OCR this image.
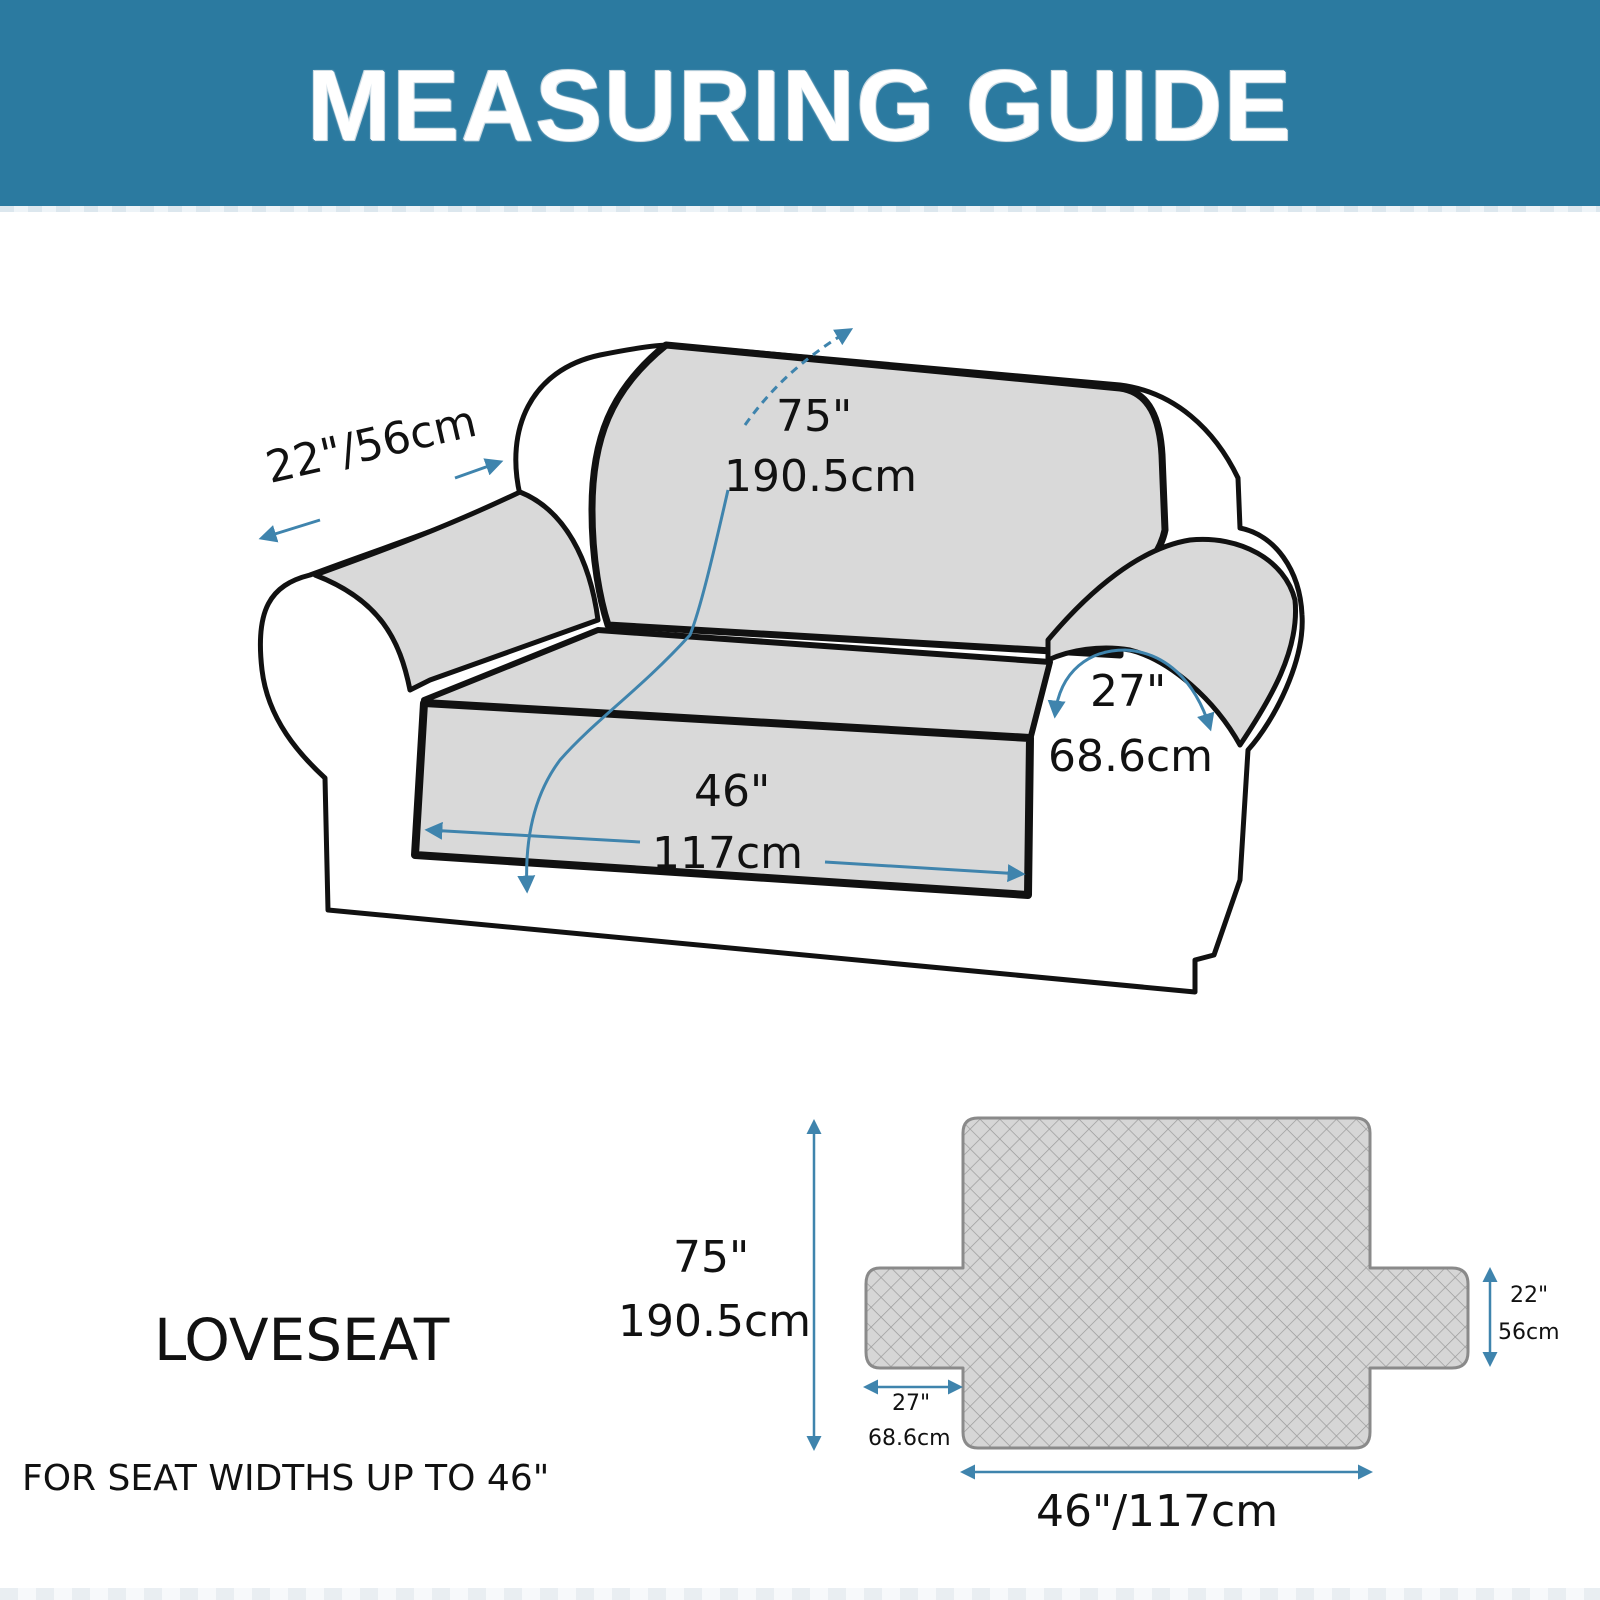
MEASURING GUIDE
22"/56cm	75"
190.5cm
27"
68.6cm
46"
117cm
LOVESEAT
FOR SEAT WIDTHS UP TO 46"
75"
190.5cm
22"
56cm
27"
68.6cm
46"/117cm
